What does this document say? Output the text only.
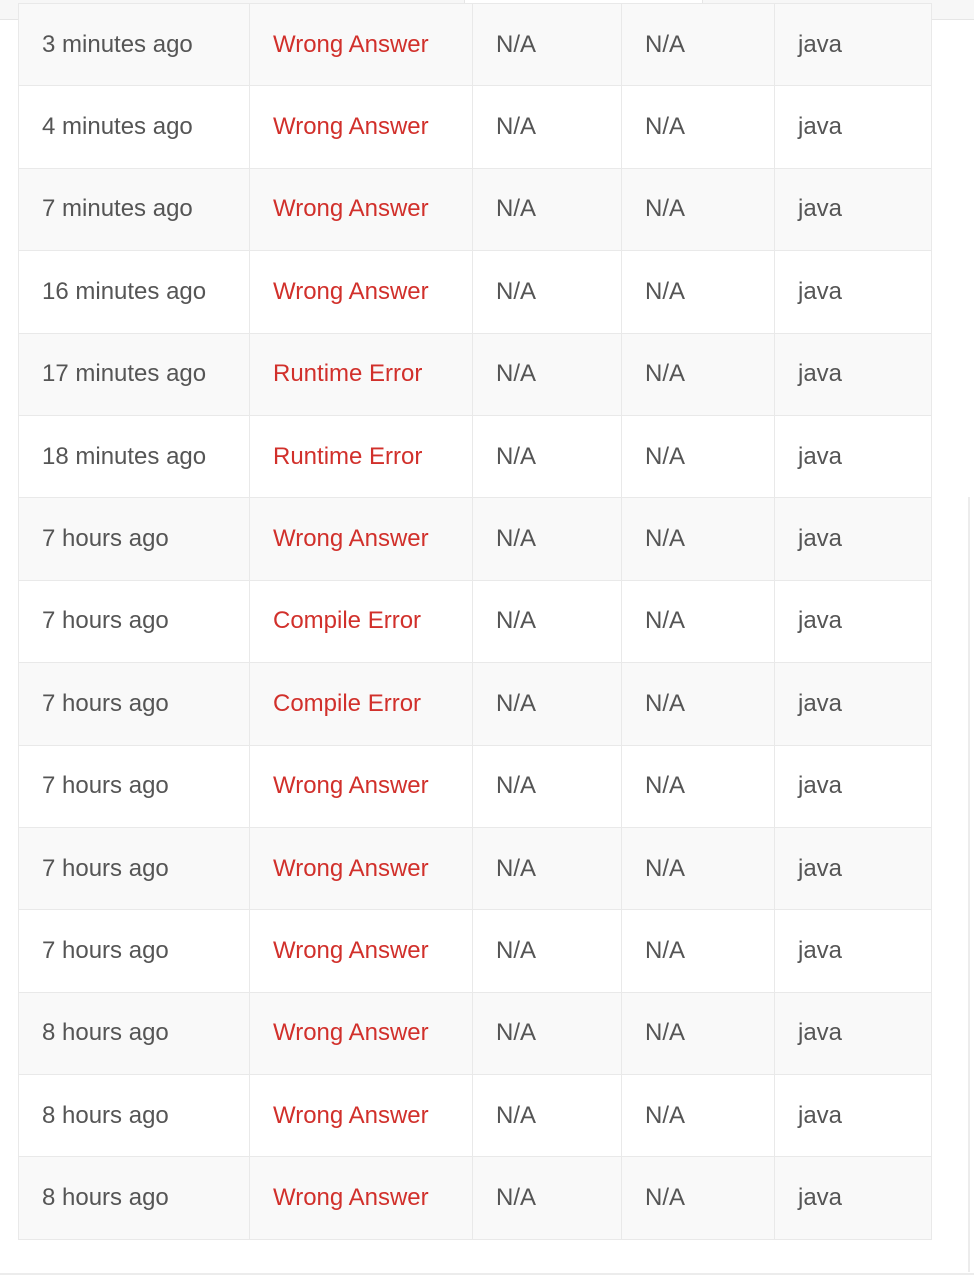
3 minutes ago	Wrong Answer	N/A	N/A	java
4 minutes ago	Wrong Answer	N/A	N/A	java
7 minutes ago	Wrong Answer	N/A	N/A	java
16 minutes ago	Wrong Answer	N/A	N/A	java
17 minutes ago	Runtime Error	N/A	N/A	java
18 minutes ago	Runtime Error	N/A	N/A	java
7 hours ago	Wrong Answer	N/A	N/A	java
7 hours ago	Compile Error	N/A	N/A	java
7 hours ago	Compile Error	N/A	N/A	java
7 hours ago	Wrong Answer	N/A	N/A	java
7 hours ago	Wrong Answer	N/A	N/A	java
7 hours ago	Wrong Answer	N/A	N/A	java
8 hours ago	Wrong Answer	N/A	N/A	java
8 hours ago	Wrong Answer	N/A	N/A	java
8 hours ago	Wrong Answer	N/A	N/A	java
